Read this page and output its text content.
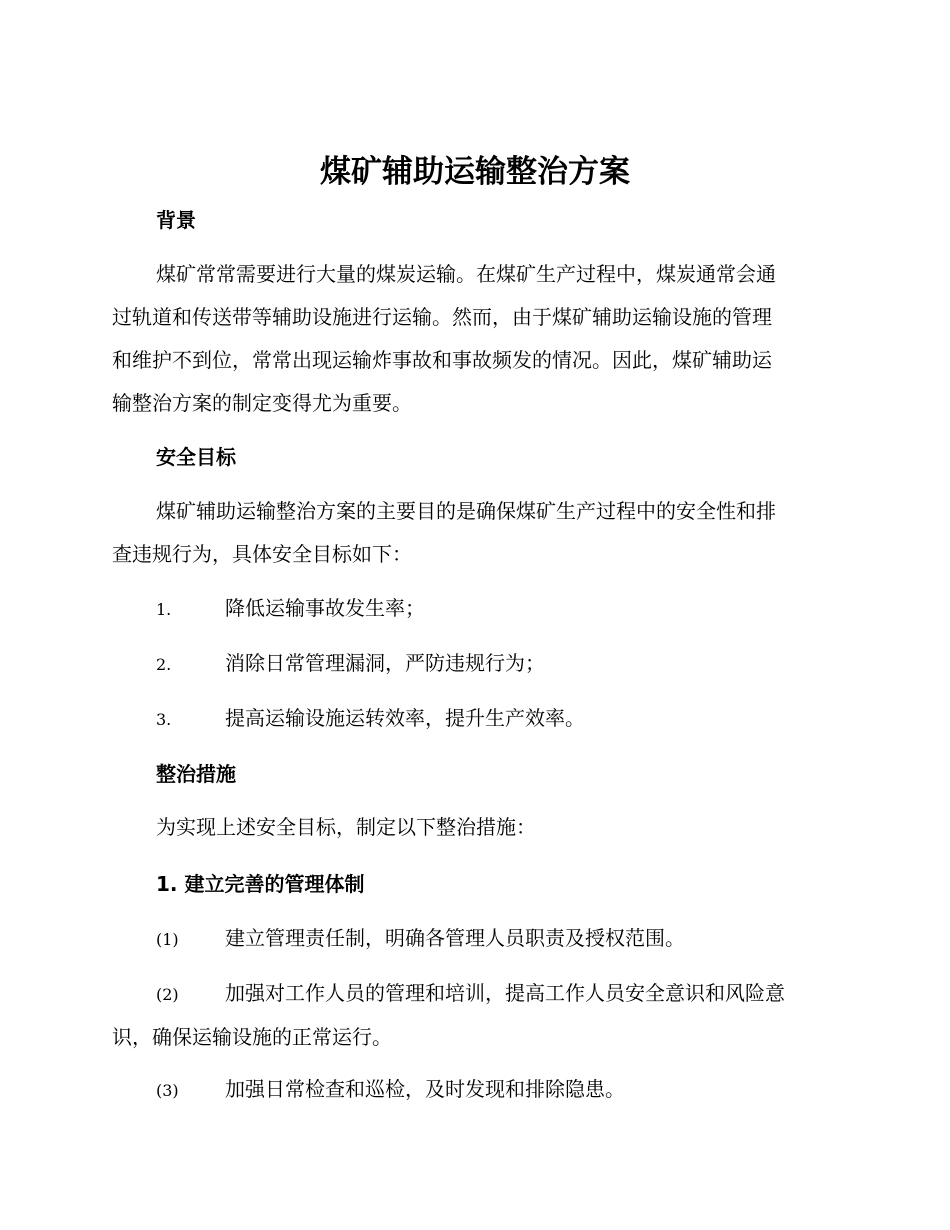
煤矿辅助运输整治方案
背景
煤矿常常需要进行大量的煤炭运输。在煤矿生产过程中，煤炭通常会通
过轨道和传送带等辅助设施进行运输。然而，由于煤矿辅助运输设施的管理
和维护不到位，常常出现运输炸事故和事故频发的情况。因此，煤矿辅助运
输整治方案的制定变得尤为重要。
安全目标
煤矿辅助运输整治方案的主要目的是确保煤矿生产过程中的安全性和排
查违规行为，具体安全目标如下：
1.	降低运输事故发生率；
2.	消除日常管理漏洞，严防违规行为；
3.	提高运输设施运转效率，提升生产效率。
整治措施
为实现上述安全目标，制定以下整治措施：
1. 建立完善的管理体制
(1) 建立管理责任制，明确各管理人员职责及授权范围。
(2) 加强对工作人员的管理和培训，提高工作人员安全意识和风险意
识，确保运输设施的正常运行。
(3) 加强日常检查和巡检，及时发现和排除隐患。
